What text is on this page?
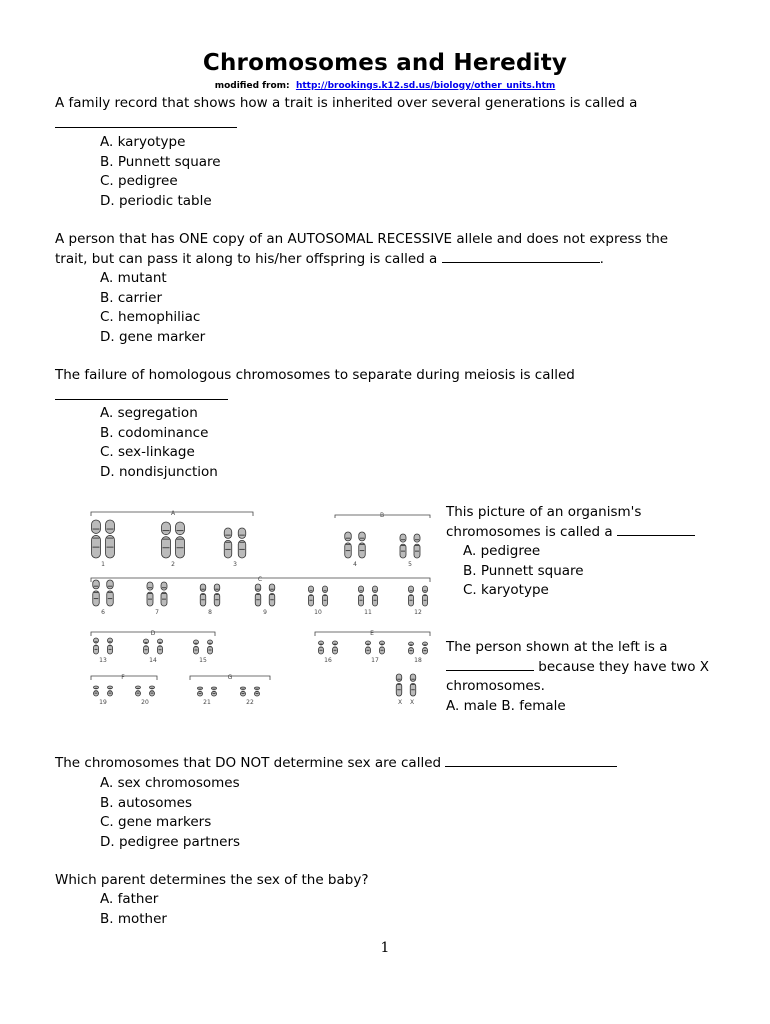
Chromosomes and Heredity
modified from: http://brookings.k12.sd.us/biology/other_units.htm
A family record that shows how a trait is inherited over several generations is called a
A. karyotype
B. Punnett square
C. pedigree
D. periodic table
A person that has ONE copy of an AUTOSOMAL RECESSIVE allele and does not express the
trait, but can pass it along to his/her offspring is called a	.
A. mutant
B. carrier
C. hemophiliac
D. gene marker
The failure of homologous chromosomes to separate during meiosis is called
A. segregation
B. codominance
C. sex-linkage
D. nondisjunction
A	B
C
D	E
F	G
1	2	3	4	5
6	7	8	9	10	11	12
13	14	15	16	17	18
19	20	21	22	X X
This picture of an organism's
chromosomes is called a
A. pedigree
B. Punnett square
C. karyotype
The person shown at the left is a
because they have two X
chromosomes.
A. male B. female
The chromosomes that DO NOT determine sex are called
A. sex chromosomes
B. autosomes
C. gene markers
D. pedigree partners
Which parent determines the sex of the baby?
A. father
B. mother
1
